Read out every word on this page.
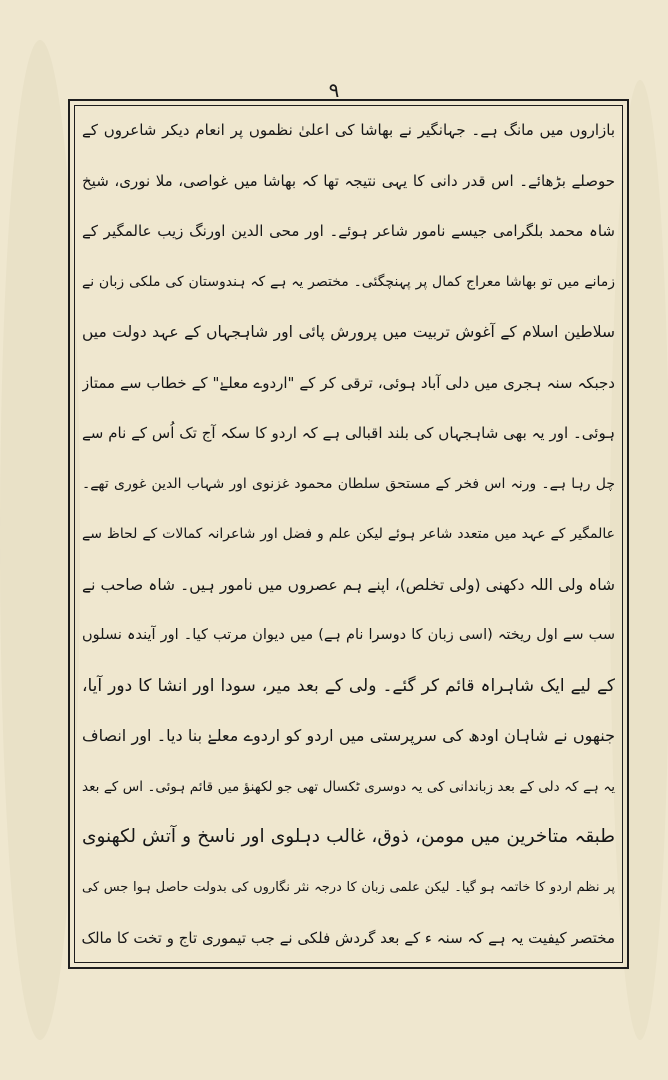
۹
بازاروں میں مانگ ہے۔ جہانگیر نے بھاشا کی اعلیٰ نظموں پر انعام دیکر شاعروں کے
حوصلے بڑھائے۔ اس قدر دانی کا یہی نتیجہ تھا کہ بھاشا میں غواصی، ملا نوری، شیخ
شاہ محمد بلگرامی جیسے نامور شاعر ہوئے۔ اور محی الدین اورنگ زیب عالمگیر کے
زمانے میں تو بھاشا معراج کمال پر پہنچگئی۔ مختصر یہ ہے کہ ہندوستان کی ملکی زبان نے
سلاطین اسلام کے آغوش تربیت میں پرورش پائی اور شاہجہاں کے عہد دولت میں
دجبکہ سنہ ہجری میں دلی آباد ہوئی، ترقی کر کے "اردوے معلےٰ" کے خطاب سے ممتاز
ہوئی۔ اور یہ بھی شاہجہاں کی بلند اقبالی ہے کہ اردو کا سکہ آج تک اُس کے نام سے
چل رہا ہے۔ ورنہ اس فخر کے مستحق سلطان محمود غزنوی اور شہاب الدین غوری تھے۔
عالمگیر کے عہد میں متعدد شاعر ہوئے لیکن علم و فضل اور شاعرانہ کمالات کے لحاظ سے
شاہ ولی اللہ دکھنی (ولی تخلص)، اپنے ہم عصروں میں نامور ہیں۔ شاہ صاحب نے
سب سے اول ریختہ (اسی زبان کا دوسرا نام ہے) میں دیوان مرتب کیا۔ اور آیندہ نسلوں
کے لیے ایک شاہراہ قائم کر گئے۔ ولی کے بعد میر، سودا اور انشا کا دور آیا،
جنھوں نے شاہان اودھ کی سرپرستی میں اردو کو اردوے معلےٰ بنا دیا۔ اور انصاف
یہ ہے کہ دلی کے بعد زباندانی کی یہ دوسری ٹکسال تھی جو لکھنؤ میں قائم ہوئی۔ اس کے بعد
طبقہ متاخرین میں مومن، ذوق، غالب دہلوی اور ناسخ و آتش لکھنوی
پر نظم اردو کا خاتمہ ہو گیا۔ لیکن علمی زبان کا درجہ نثر نگاروں کی بدولت حاصل ہوا جس کی
مختصر کیفیت یہ ہے کہ سنہ ء کے بعد گردش فلکی نے جب تیموری تاج و تخت کا مالک
